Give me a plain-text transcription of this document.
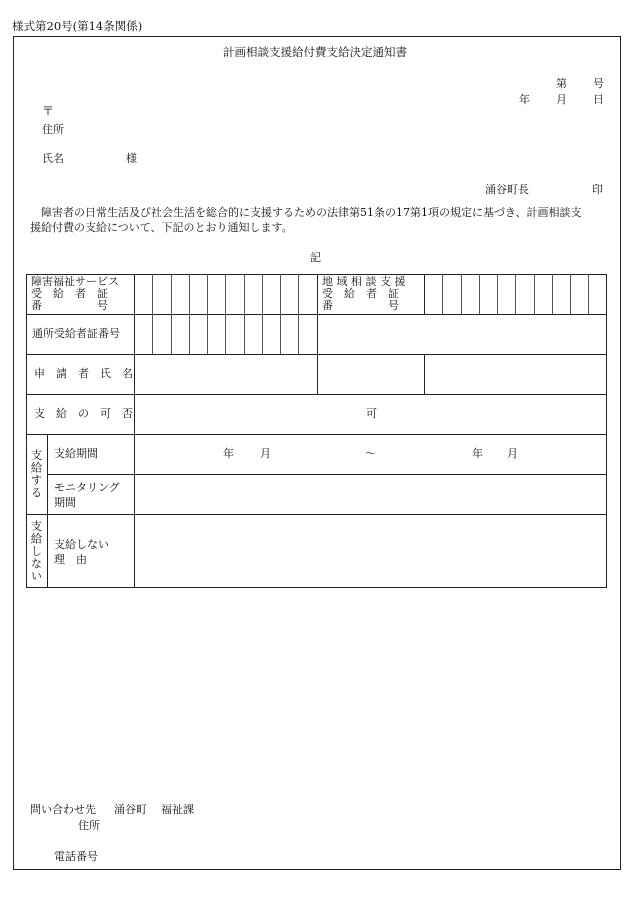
様式第20号(第14条関係)
計画相談支援給付費支給決定通知書
第 号
年 月 日
〒
住所
氏名	様
涌谷町長	印
障害者の日常生活及び社会生活を総合的に支援するための法律第51条の17第1項の規定に基づき、計画相談支
援給付費の支給について、下記のとおり通知します。
記
障害福祉サービス
受　給　者　証
番　　　　　号
地 域 相 談 支 援
受　給　者　証
番　　　　　号
通所受給者証番号
申　請　者　氏　名
支　給　の　可　否	可
支給する 支給期間	年 月	～	年 月
モニタリング
期間
支給しない 支給しない
理　由
問い合わせ先 涌谷町 福祉課
住所
電話番号
